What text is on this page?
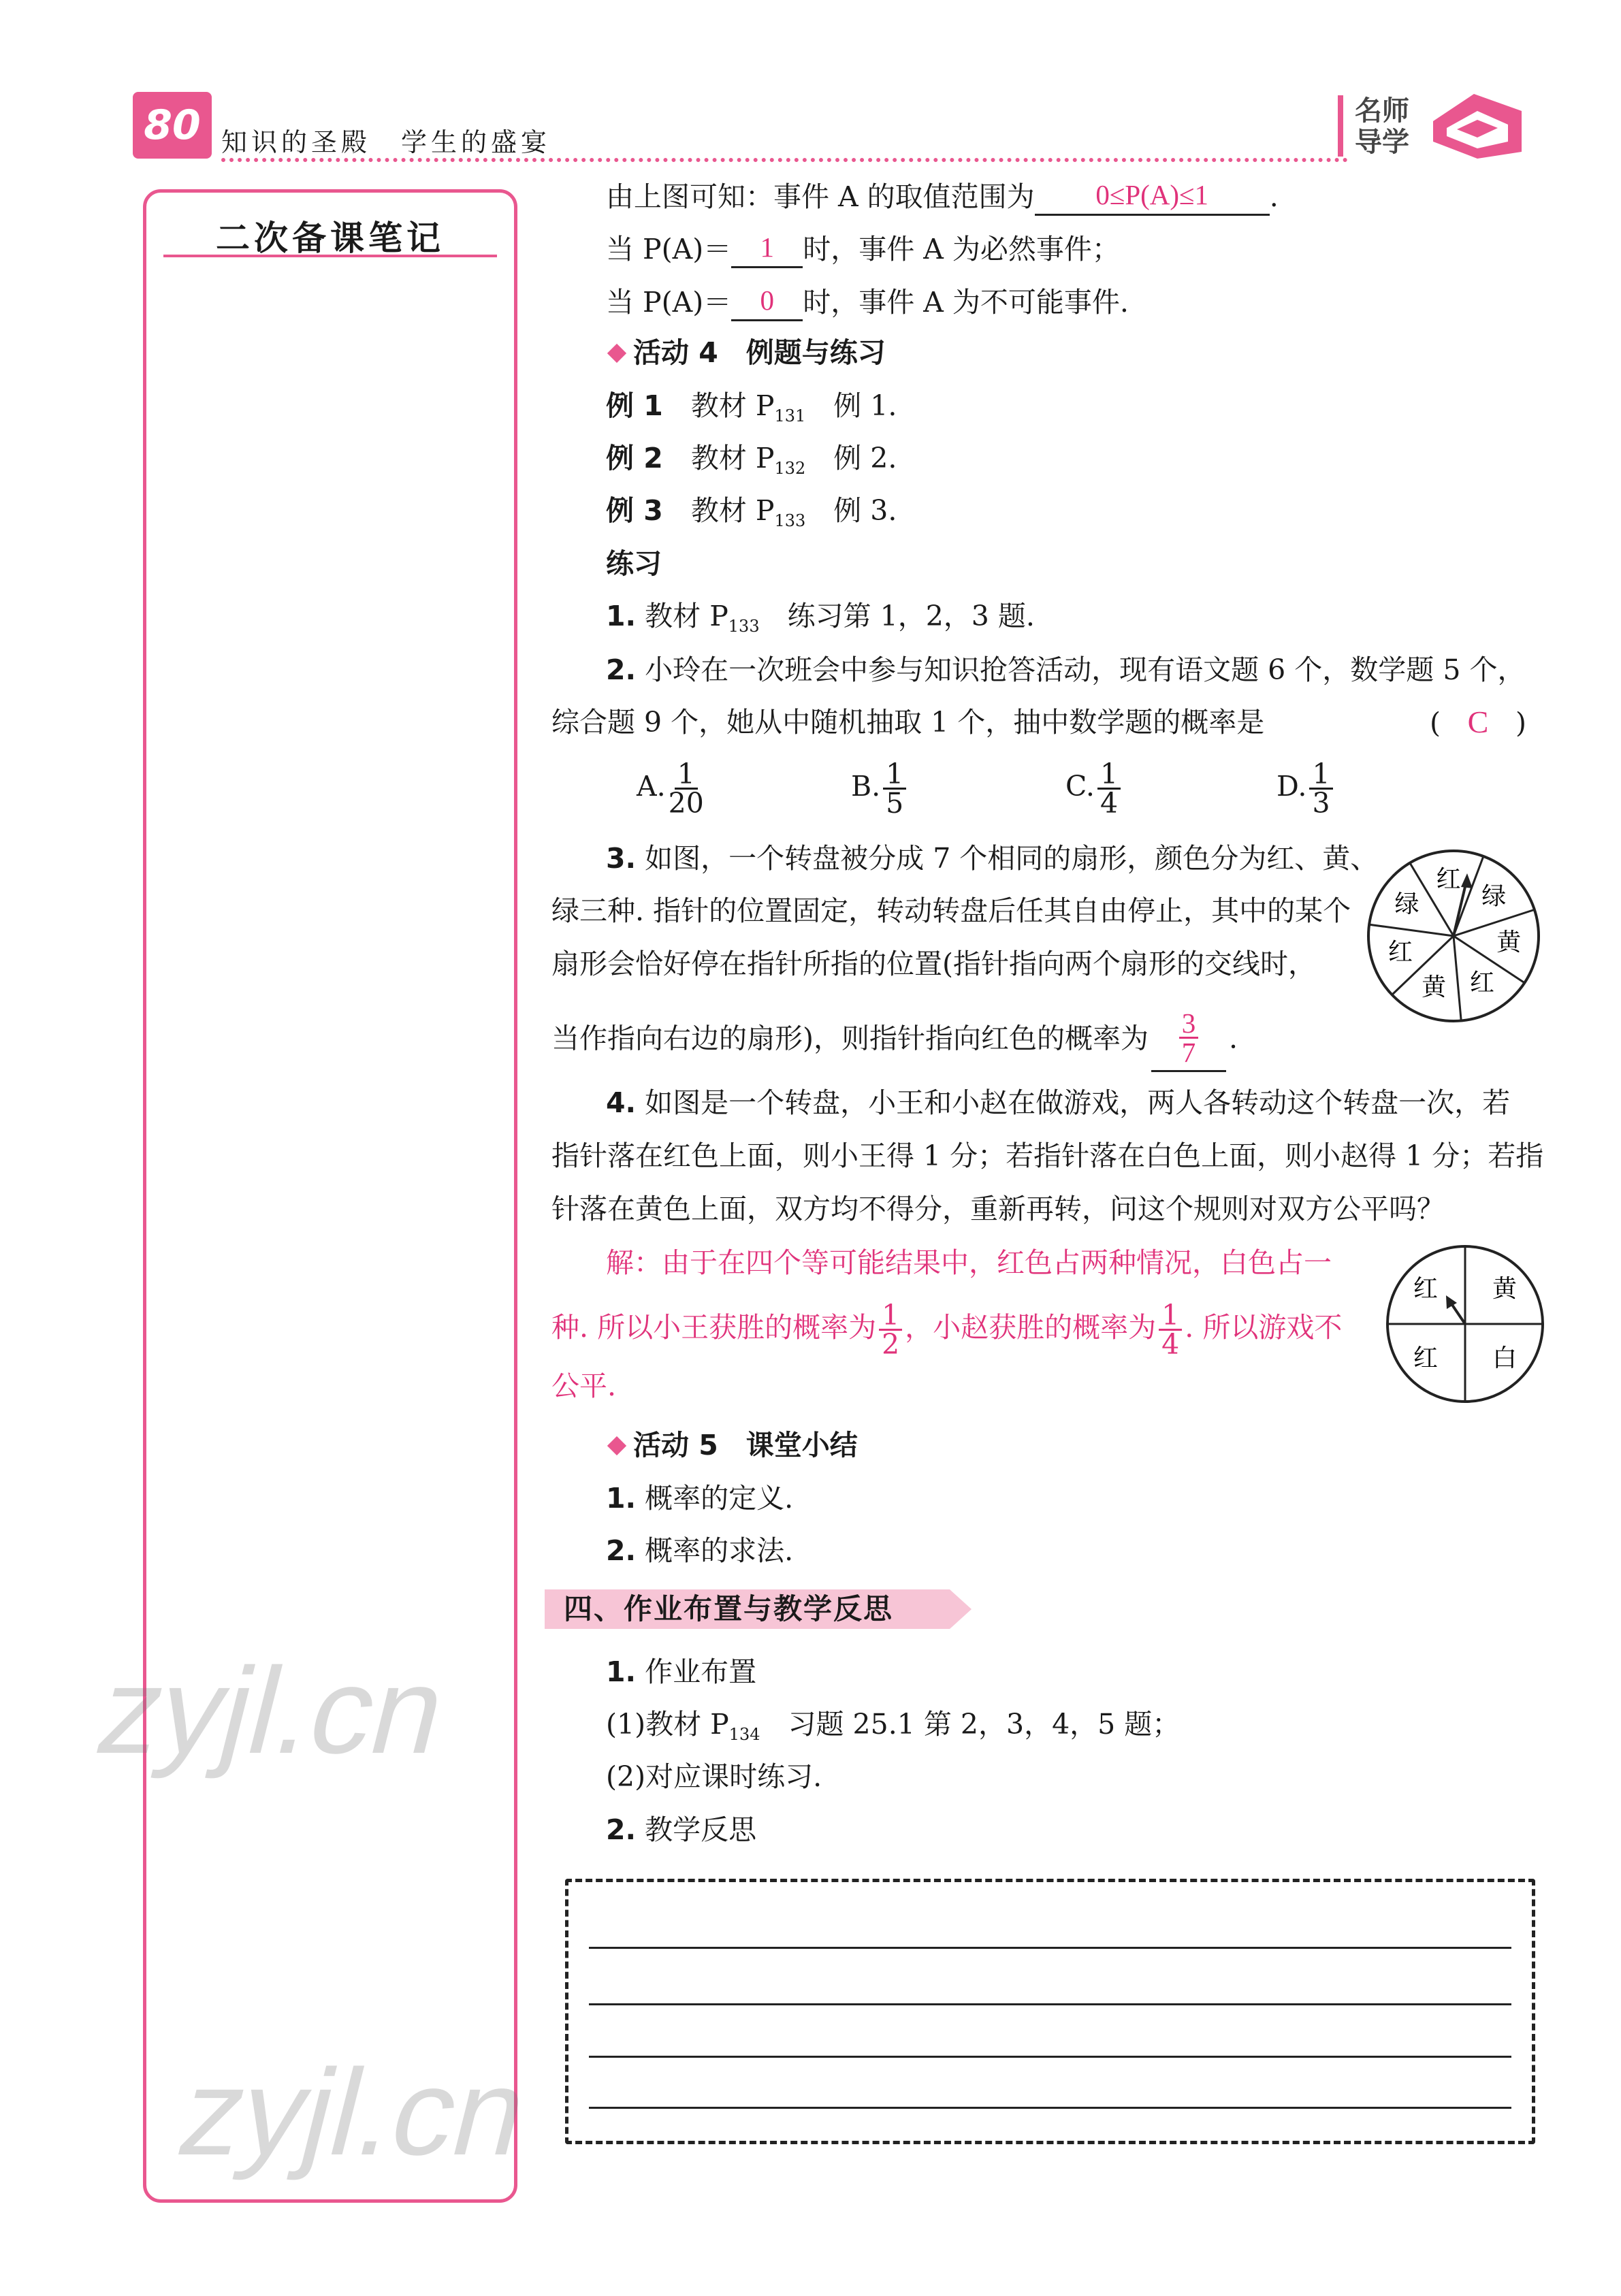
80 知识的圣殿　学生的盛宴
名师
导学
二次备课笔记
zyjl.cn
zyjl.cn
由上图可知：事件 A 的取值范围为 0≤P(A)≤1 .
当 P(A)＝ 1 时，事件 A 为必然事件；
当 P(A)＝ 0 时，事件 A 为不可能事件.
活动 4　例题与练习
例 1　 教材 $P_{131}$　例 1.
例 2　 教材 $P_{132}$　例 2.
例 3　 教材 $P_{133}$　例 3.
练习
1. 教材 $P_{133}$　练习第 1，2，3 题.
2. 小玲在一次班会中参与知识抢答活动，现有语文题 6 个，数学题 5 个，
综合题 9 个，她从中随机抽取 1 个，抽中数学题的概率是	( C )
A. $\frac{1}{20}$	B. $\frac{1}{5}$	C. $\frac{1}{4}$	D. $\frac{1}{3}$
3. 如图，一个转盘被分成 7 个相同的扇形，颜色分为红、黄、
绿三种. 指针的位置固定，转动转盘后任其自由停止，其中的某个
扇形会恰好停在指针所指的位置(指针指向两个扇形的交线时，
当作指向右边的扇形)，则指针指向红色的概率为 $\frac{3}{7}$ .
红
绿
黄
红
黄
红
绿
4. 如图是一个转盘，小王和小赵在做游戏，两人各转动这个转盘一次，若
指针落在红色上面，则小王得 1 分；若指针落在白色上面，则小赵得 1 分；若指
针落在黄色上面，双方均不得分，重新再转，问这个规则对双方公平吗？
解：由于在四个等可能结果中，红色占两种情况，白色占一
种. 所以小王获胜的概率为 $\frac{1}{2}$ ，小赵获胜的概率为 $\frac{1}{4}$ . 所以游戏不
公平.
红 黄
红 白
活动 5　课堂小结
1. 概率的定义.
2. 概率的求法.
四、作业布置与教学反思
1. 作业布置
(1)教材 $P_{134}$　习题 25.1 第 2，3，4，5 题；
(2)对应课时练习.
2. 教学反思
